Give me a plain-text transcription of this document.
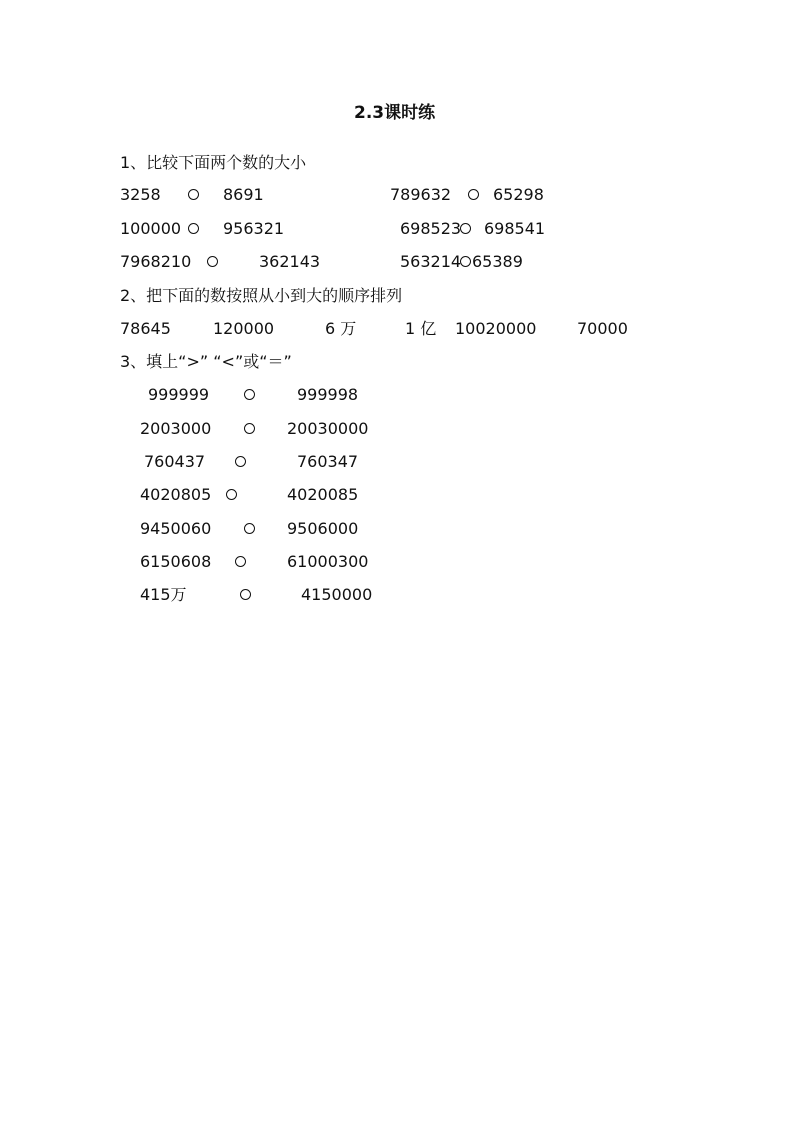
2.3课时练
1、比较下面两个数的大小
3258	8691	789632	65298
100000	956321	698523 698541
7968210	362143	563214 65389
2、把下面的数按照从小到大的顺序排列
78645	120000	6 万	1 亿 10020000	70000
3、填上“>” “<”或“＝”
999999	999998
2003000	20030000
760437	760347
4020805	4020085
9450060	9506000
6150608	61000300
415万	4150000
